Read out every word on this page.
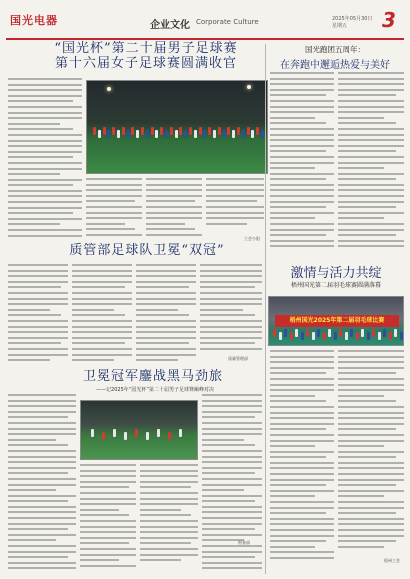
国光电器	企业文化 Corporate Culture	2025年05月30日
星期五	3
“国光杯”第二十届男子足球赛
第十六届女子足球赛圆满收官
工会小组
国光跑团五周年：
在奔跑中邂逅热爱与美好
质管部足球队卫冕“双冠”
质量管理部
激情与活力共绽
梧州国光第二届羽毛球赛圆满落幕
梧州国光2025年第二届羽毛球比赛
梧州工会
卫冕冠军鏖战黑马劲旅
——记2025年“国光杯”第二十届男子足球赛巅峰对决
财务部
